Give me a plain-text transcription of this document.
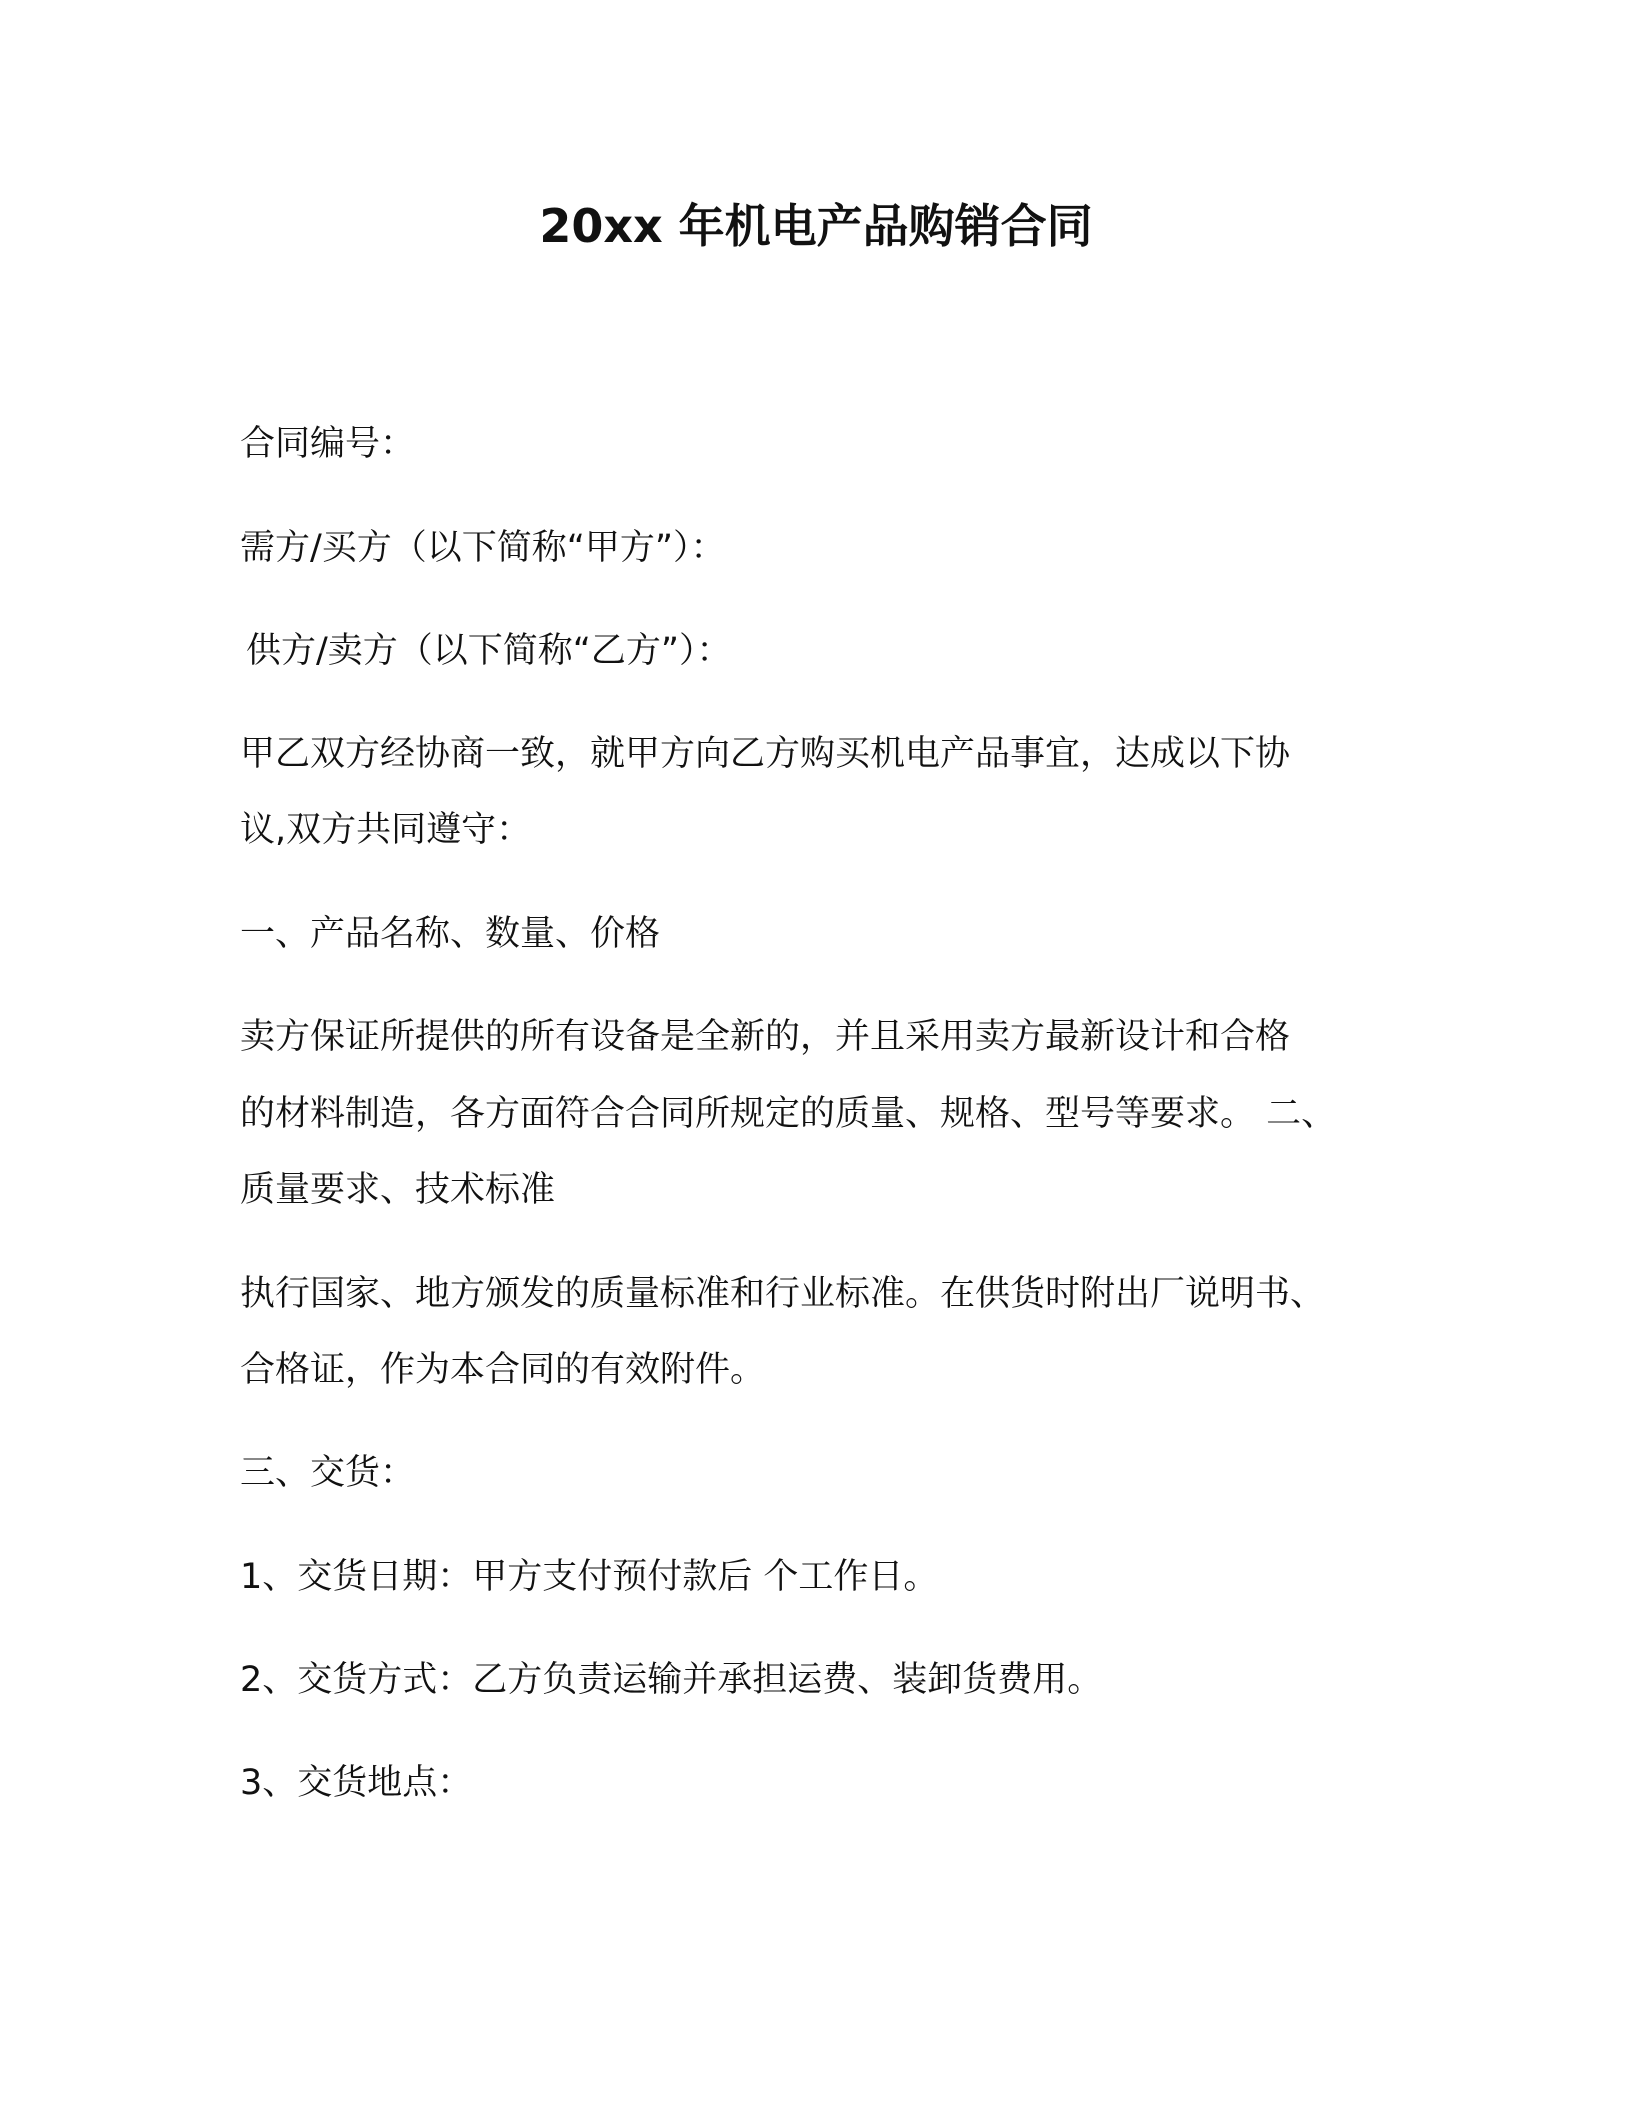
20xx 年机电产品购销合同
合同编号：
需方/买方（以下简称“甲方”）：
供方/卖方（以下简称“乙方”）：
甲乙双方经协商一致，就甲方向乙方购买机电产品事宜，达成以下协
议,双方共同遵守：
一、产品名称、数量、价格
卖方保证所提供的所有设备是全新的，并且采用卖方最新设计和合格
的材料制造，各方面符合合同所规定的质量、规格、型号等要求。 二、
质量要求、技术标准
执行国家、地方颁发的质量标准和行业标准。在供货时附出厂说明书、
合格证，作为本合同的有效附件。
三、交货：
1、交货日期：甲方支付预付款后 个工作日。
2、交货方式：乙方负责运输并承担运费、装卸货费用。
3、交货地点：
